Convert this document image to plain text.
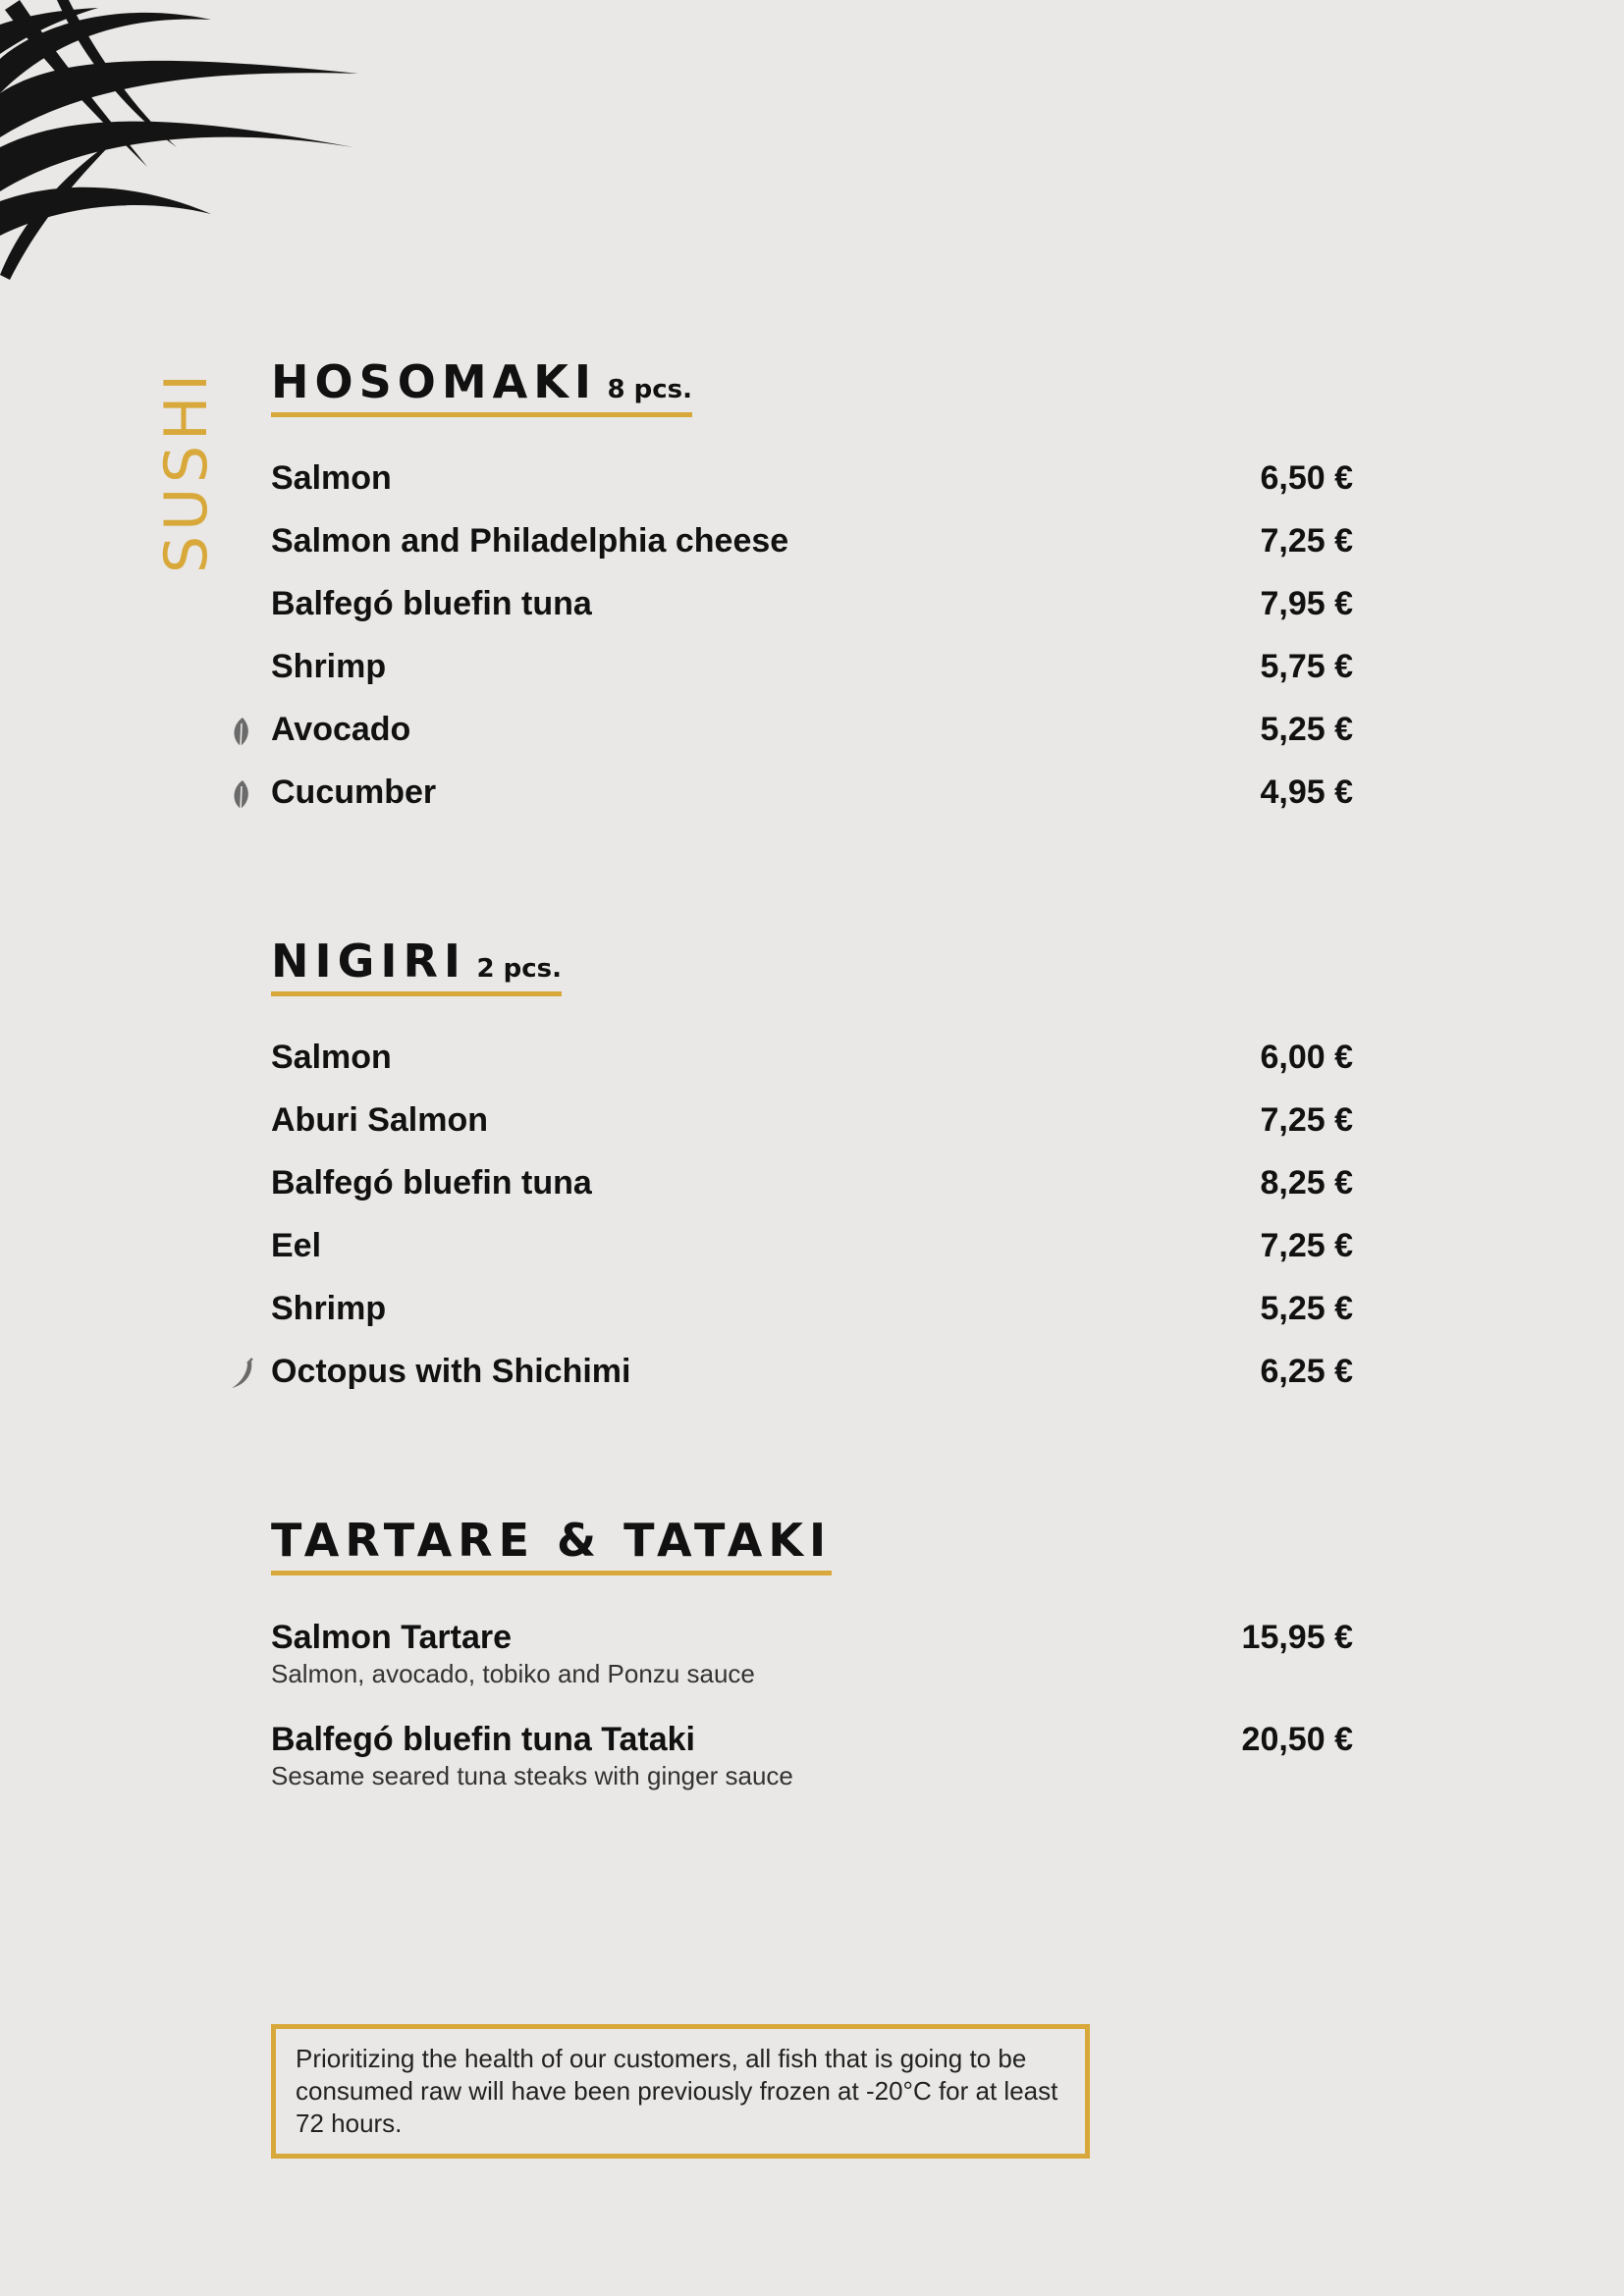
SUSHI HOSOMAKI 8 pcs.
Salmon	6,50 €
Salmon and Philadelphia cheese	7,25 €
Balfegó bluefin tuna	7,95 €
Shrimp	5,75 €
Avocado	5,25 €
Cucumber	4,95 €
NIGIRI 2 pcs.
Salmon	6,00 €
Aburi Salmon	7,25 €
Balfegó bluefin tuna	8,25 €
Eel	7,25 €
Shrimp	5,25 €
Octopus with Shichimi	6,25 €
TARTARE & TATAKI
Salmon Tartare	15,95 €
Salmon, avocado, tobiko and Ponzu sauce
Balfegó bluefin tuna Tataki	20,50 €
Sesame seared tuna steaks with ginger sauce
Prioritizing the health of our customers, all fish that is going to be consumed raw will have been previously frozen at -20°C for at least 72 hours.
